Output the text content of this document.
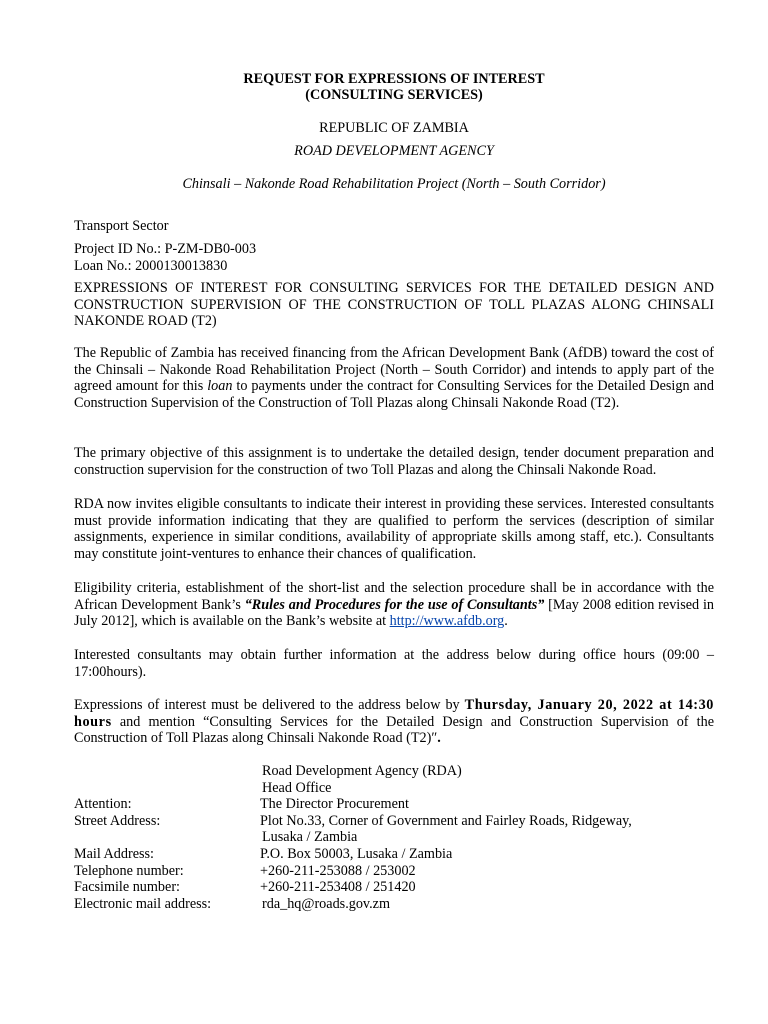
REQUEST FOR EXPRESSIONS OF INTEREST
(CONSULTING SERVICES)
REPUBLIC OF ZAMBIA
ROAD DEVELOPMENT AGENCY
Chinsali – Nakonde Road Rehabilitation Project (North – South Corridor)
Transport Sector
Project ID No.: P-ZM-DB0-003
Loan No.: 2000130013830
EXPRESSIONS OF INTEREST FOR CONSULTING SERVICES FOR THE DETAILED DESIGN AND CONSTRUCTION SUPERVISION OF THE CONSTRUCTION OF TOLL PLAZAS ALONG CHINSALI NAKONDE ROAD (T2)
The Republic of Zambia has received financing from the African Development Bank (AfDB) toward the cost of the Chinsali – Nakonde Road Rehabilitation Project (North – South Corridor) and intends to apply part of the agreed amount for this loan to payments under the contract for Consulting Services for the Detailed Design and Construction Supervision of the Construction of Toll Plazas along Chinsali Nakonde Road (T2).
The primary objective of this assignment is to undertake the detailed design, tender document preparation and construction supervision for the construction of two Toll Plazas and along the Chinsali Nakonde Road.
RDA now invites eligible consultants to indicate their interest in providing these services. Interested consultants must provide information indicating that they are qualified to perform the services (description of similar assignments, experience in similar conditions, availability of appropriate skills among staff, etc.). Consultants may constitute joint-ventures to enhance their chances of qualification.
Eligibility criteria, establishment of the short-list and the selection procedure shall be in accordance with the African Development Bank’s “Rules and Procedures for the use of Consultants” [May 2008 edition revised in July 2012], which is available on the Bank’s website at http://www.afdb.org.
Interested consultants may obtain further information at the address below during office hours (09:00 – 17:00hours).
Expressions of interest must be delivered to the address below by Thursday, January 20, 2022 at 14:30 hours and mention “Consulting Services for the Detailed Design and Construction Supervision of the Construction of Toll Plazas along Chinsali Nakonde Road (T2)″.
Road Development Agency (RDA)
Head Office
Attention:	The Director Procurement
Street Address:	Plot No.33, Corner of Government and Fairley Roads, Ridgeway,
Lusaka / Zambia
Mail Address:	P.O. Box 50003, Lusaka / Zambia
Telephone number:	+260-211-253088 / 253002
Facsimile number:	+260-211-253408 / 251420
Electronic mail address:	rda_hq@roads.gov.zm
